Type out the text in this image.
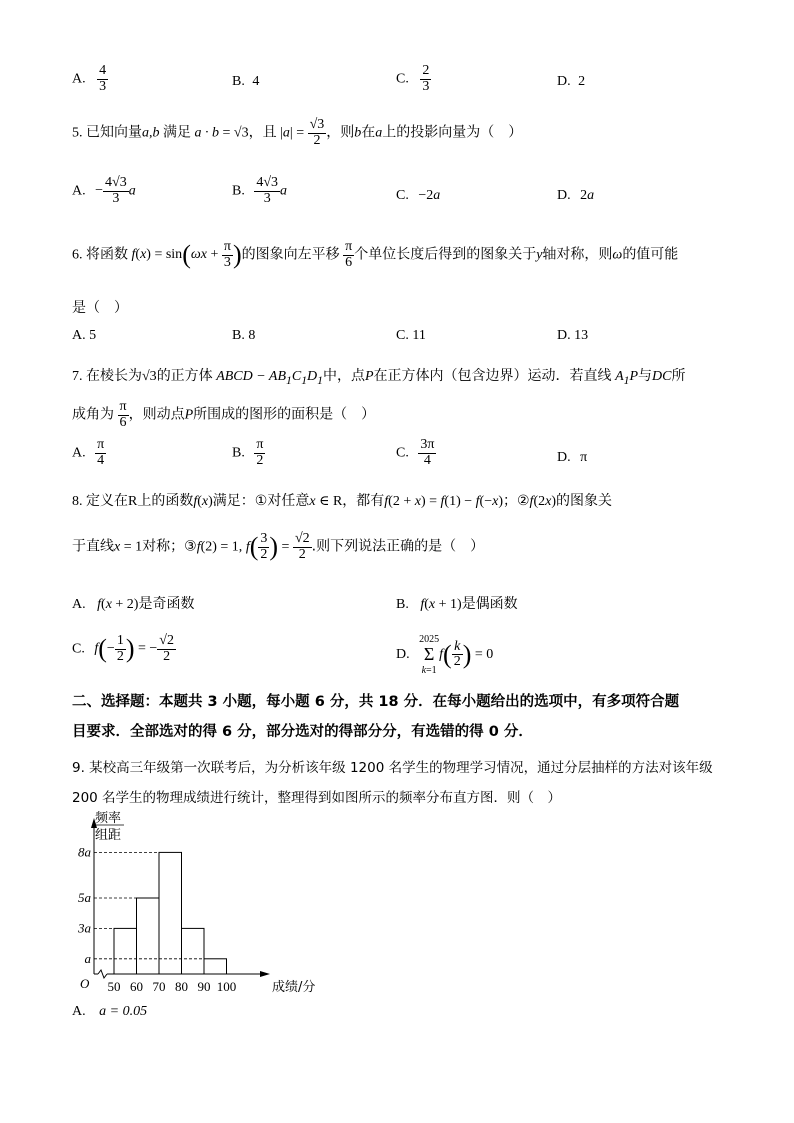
A. $\frac{4}{3}$	B. 4	C. $\frac{2}{3}$	D. 2
5. 已知向量a,b 满足 a · b = √3，且 $|a| = \frac{√3}{2}$ ，则b在a上的投影向量为（　）
A. − $\frac{4√3}{3}$ a	B. $\frac{4√3}{3}$ a	C. −2a	D. 2a
6. 将函数 $f(x) = \sin(\omega x + \frac{\pi}{3}$ )的图象向左平移 $\frac{\pi}{6}$ 个单位长度后得到的图象关于y轴对称，则ω的值可能
是（　）
A. 5	B. 8	C. 11	D. 13
7. 在棱长为√3的正方体 ABCD − $AB_1C_1D_1$中，点P在正方体内（包含边界）运动．若直线 $A_1P$与DC所
成角为 $\frac{\pi}{6}$ ，则动点P所围成的图形的面积是（　）
A. $\frac{\pi}{4}$	B. $\frac{\pi}{2}$	C. $\frac{3\pi}{4}$	D. π
8. 定义在R上的函数f(x)满足：①对任意x ∈ R，都有f(2 + x) = f(1) − f(−x)；②f(2x)的图象关
于直线x = 1对称；③f(2) = 1, $f( \frac{3}{2}$ ) = $\frac{√2}{2}$ .则下列说法正确的是（　）
A. f(x + 2)是奇函数	B. f(x + 1)是偶函数
C. $f(- \frac{1}{2}$ ) = − $\frac{√2}{2}$	D. 2025
Σ
$k=1f( \frac{k}{2}$ ) = 0
二、选择题：本题共 3 小题，每小题 6 分，共 18 分．在每小题给出的选项中，有多项符合题
目要求．全部选对的得 6 分，部分选对的得部分分，有选错的得 0 分．
9. 某校高三年级第一次联考后，为分析该年级 1200 名学生的物理学习情况，通过分层抽样的方法对该年级
200 名学生的物理成绩进行统计，整理得到如图所示的频率分布直方图．则（　）
8a
5a
3a
a
50 60 70 80 90 100
O	成绩/分
频率
组距
A. a = 0.05
